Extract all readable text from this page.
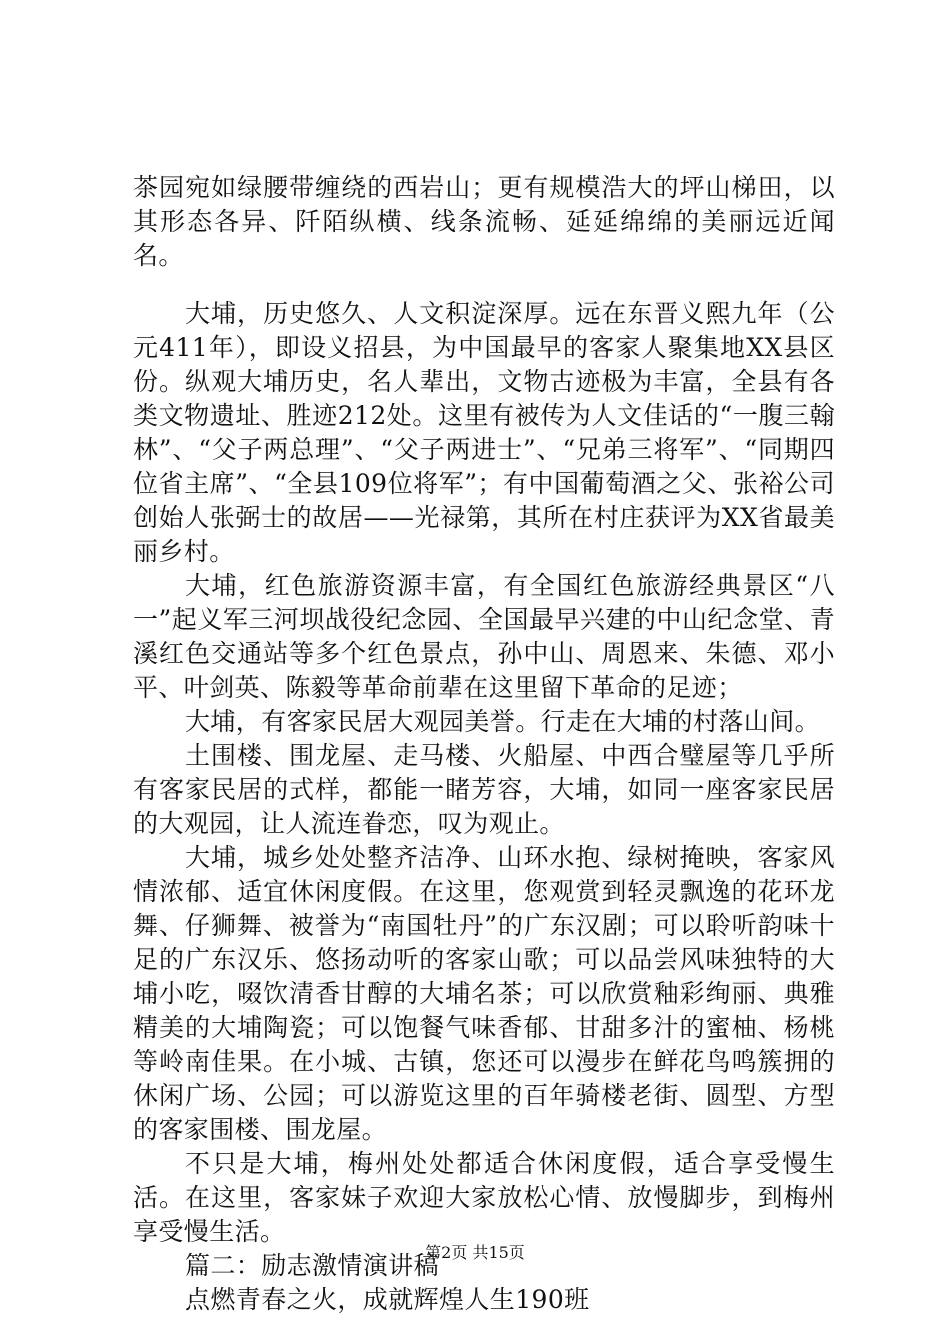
茶园宛如绿腰带缠绕的西岩山；更有规模浩大的坪山梯田，以其形态各异、阡陌纵横、线条流畅、延延绵绵的美丽远近闻名。

大埔，历史悠久、人文积淀深厚。远在东晋义熙九年（公元411年），即设义招县，为中国最早的客家人聚集地XX县区份。纵观大埔历史，名人辈出，文物古迹极为丰富，全县有各类文物遗址、胜迹212处。这里有被传为人文佳话的“一腹三翰林”、“父子两总理”、“父子两进士”、“兄弟三将军”、“同期四位省主席”、“全县109位将军”；有中国葡萄酒之父、张裕公司创始人张弼士的故居——光禄第，其所在村庄获评为XX省最美丽乡村。

大埔，红色旅游资源丰富，有全国红色旅游经典景区“八一”起义军三河坝战役纪念园、全国最早兴建的中山纪念堂、青溪红色交通站等多个红色景点，孙中山、周恩来、朱德、邓小平、叶剑英、陈毅等革命前辈在这里留下革命的足迹；

大埔，有客家民居大观园美誉。行走在大埔的村落山间。

土围楼、围龙屋、走马楼、火船屋、中西合璧屋等几乎所有客家民居的式样，都能一睹芳容，大埔，如同一座客家民居的大观园，让人流连眷恋，叹为观止。

大埔，城乡处处整齐洁净、山环水抱、绿树掩映，客家风情浓郁、适宜休闲度假。在这里，您观赏到轻灵飘逸的花环龙舞、仔狮舞、被誉为“南国牡丹”的广东汉剧；可以聆听韵味十足的广东汉乐、悠扬动听的客家山歌；可以品尝风味独特的大埔小吃，啜饮清香甘醇的大埔名茶；可以欣赏釉彩绚丽、典雅精美的大埔陶瓷；可以饱餐气味香郁、甘甜多汁的蜜柚、杨桃等岭南佳果。在小城、古镇，您还可以漫步在鲜花鸟鸣簇拥的休闲广场、公园；可以游览这里的百年骑楼老街、圆型、方型的客家围楼、围龙屋。

不只是大埔，梅州处处都适合休闲度假，适合享受慢生活。在这里，客家妹子欢迎大家放松心情、放慢脚步，到梅州享受慢生活。

篇二：励志激情演讲稿

点燃青春之火，成就辉煌人生190班

第2页 共15页
